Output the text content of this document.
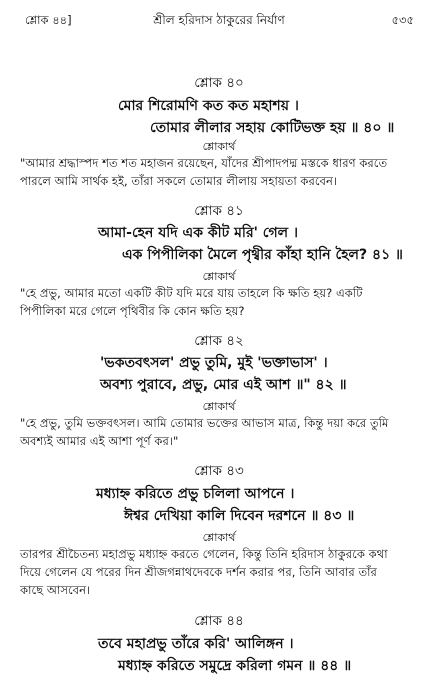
শ্লোক ৪৪]	শ্রীল হরিদাস ঠাকুরের নির্যাণ	৫৩৫
শ্লোক ৪০
মোর শিরোমণি কত কত মহাশয় ।
তোমার লীলার সহায় কোটিভক্ত হয় ॥ ৪০ ॥
শ্লোকার্থ
"আমার শ্রদ্ধাস্পদ শত শত মহাজন রয়েছেন, যাঁদের শ্রীপাদপদ্ম মস্তকে ধারণ করতে
পারলে আমি সার্থক হই, তাঁরা সকলে তোমার লীলায় সহায়তা করবেন।
শ্লোক ৪১
আমা-হেন যদি এক কীট মরি' গেল ।
এক পিপীলিকা মৈলে পৃথ্বীর কাঁহা হানি হৈল? ৪১ ॥
শ্লোকার্থ
"হে প্রভু, আমার মতো একটি কীট যদি মরে যায় তাহলে কি ক্ষতি হয়? একটি
পিপীলিকা মরে গেলে পৃথিবীর কি কোন ক্ষতি হয়?
শ্লোক ৪২
'ভকতবৎসল' প্রভু তুমি, মুই 'ভক্তাভাস' ।
অবশ্য পুরাবে, প্রভু, মোর এই আশ ॥" ৪২ ॥
শ্লোকার্থ
"হে প্রভু, তুমি ভক্তবৎসল। আমি তোমার ভক্তের আভাস মাত্র, কিন্তু দয়া করে তুমি
অবশ্যই আমার এই আশা পূর্ণ কর।"
শ্লোক ৪৩
মধ্যাহ্ন করিতে প্রভু চলিলা আপনে ।
ঈশ্বর দেখিয়া কালি দিবেন দরশনে ॥ ৪৩ ॥
শ্লোকার্থ
তারপর শ্রীচৈতন্য মহাপ্রভু মধ্যাহ্ন করতে গেলেন, কিন্তু তিনি হরিদাস ঠাকুরকে কথা
দিয়ে গেলেন যে পরের দিন শ্রীজগন্নাথদেবকে দর্শন করার পর, তিনি আবার তাঁর
কাছে আসবেন।
শ্লোক ৪৪
তবে মহাপ্রভু তাঁরে করি' আলিঙ্গন ।
মধ্যাহ্ন করিতে সমুদ্রে করিলা গমন ॥ ৪৪ ॥
